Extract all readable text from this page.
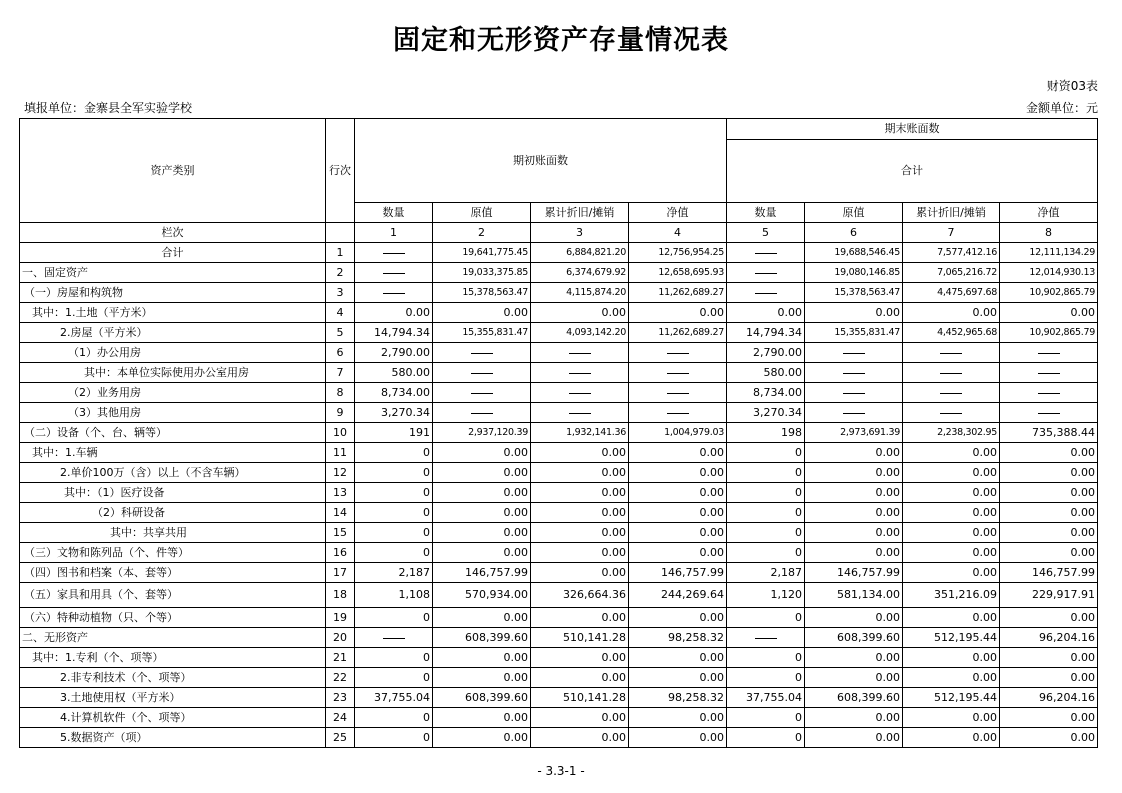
固定和无形资产存量情况表
财资03表
填报单位：金寨县全军实验学校	金额单位：元
资产类别	行次	期初账面数				期末账面数			
						合计			
		数量	原值	累计折旧/摊销	净值	数量	原值	累计折旧/摊销	净值
栏次		1	2	3	4	5	6	7	8
合计	1		19,641,775.45	6,884,821.20	12,756,954.25		19,688,546.45	7,577,412.16	12,111,134.29
一、固定资产	2		19,033,375.85	6,374,679.92	12,658,695.93		19,080,146.85	7,065,216.72	12,014,930.13
（一）房屋和构筑物	3		15,378,563.47	4,115,874.20	11,262,689.27		15,378,563.47	4,475,697.68	10,902,865.79
其中：1.土地（平方米）	4	0.00	0.00	0.00	0.00	0.00	0.00	0.00	0.00
2.房屋（平方米）	5	14,794.34	15,355,831.47	4,093,142.20	11,262,689.27	14,794.34	15,355,831.47	4,452,965.68	10,902,865.79
（1）办公用房	6	2,790.00				2,790.00	

其中：本单位实际使用办公室用房	7	580.00				580.00	

（2）业务用房	8	8,734.00				8,734.00	

（3）其他用房	9	3,270.34				3,270.34	

（二）设备（个、台、辆等）	10	191	2,937,120.39	1,932,141.36	1,004,979.03	198	2,973,691.39	2,238,302.95	735,388.44
其中：1.车辆	11	0	0.00	0.00	0.00	0	0.00	0.00	0.00
2.单价100万（含）以上（不含车辆）	12	0	0.00	0.00	0.00	0	0.00	0.00	0.00
其中：（1）医疗设备	13	0	0.00	0.00	0.00	0	0.00	0.00	0.00
（2）科研设备	14	0	0.00	0.00	0.00	0	0.00	0.00	0.00
其中：共享共用	15	0	0.00	0.00	0.00	0	0.00	0.00	0.00
（三）文物和陈列品（个、件等）	16	0	0.00	0.00	0.00	0	0.00	0.00	0.00
（四）图书和档案（本、套等）	17	2,187	146,757.99	0.00	146,757.99	2,187	146,757.99	0.00	146,757.99
（五）家具和用具（个、套等）	18	1,108	570,934.00	326,664.36	244,269.64	1,120	581,134.00	351,216.09	229,917.91
（六）特种动植物（只、个等）	19	0	0.00	0.00	0.00	0	0.00	0.00	0.00
二、无形资产	20		608,399.60	510,141.28	98,258.32		608,399.60	512,195.44	96,204.16
其中：1.专利（个、项等）	21	0	0.00	0.00	0.00	0	0.00	0.00	0.00
2.非专利技术（个、项等）	22	0	0.00	0.00	0.00	0	0.00	0.00	0.00
3.土地使用权（平方米）	23	37,755.04	608,399.60	510,141.28	98,258.32	37,755.04	608,399.60	512,195.44	96,204.16
4.计算机软件（个、项等）	24	0	0.00	0.00	0.00	0	0.00	0.00	0.00
5.数据资产（项）	25	0	0.00	0.00	0.00	0	0.00	0.00	0.00
- 3.3-1 -
